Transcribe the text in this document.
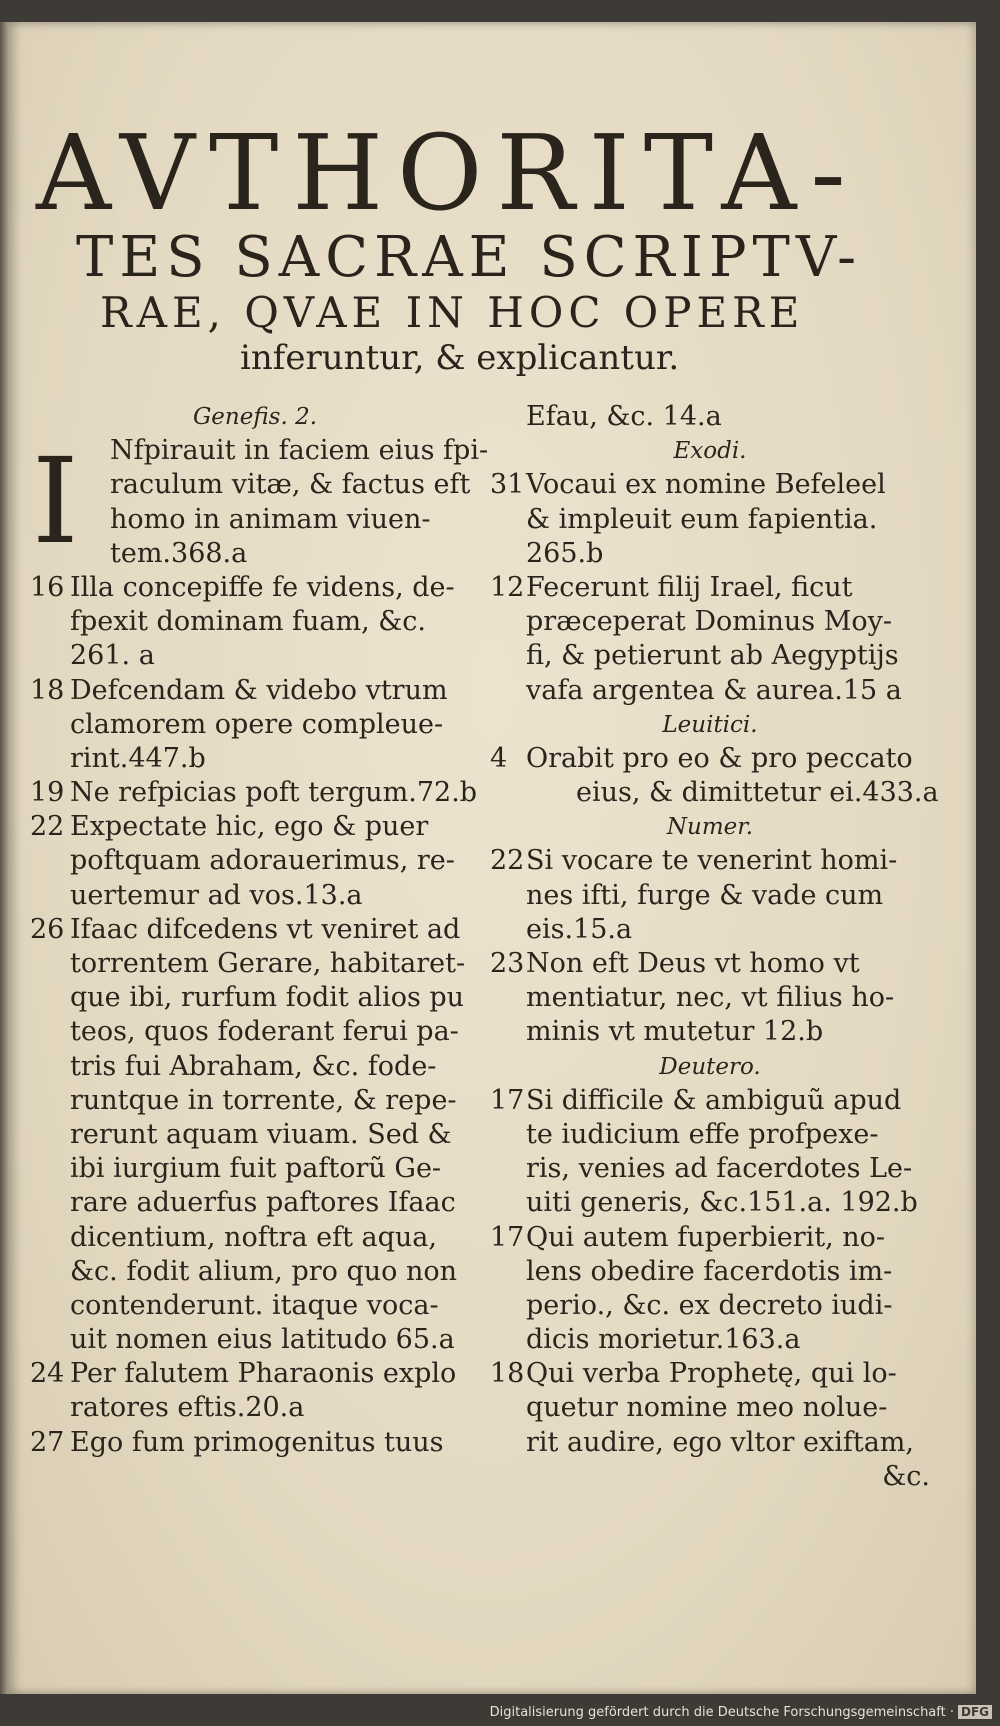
AVTHORITA-
TES SACRAE SCRIPTV-
RAE, QVAE IN HOC OPERE
inferuntur, & explicantur.
I
Genefis. 2.
Nfpirauit in faciem eius fpi-
raculum vitæ, & factus eft
homo in animam viuen-
tem.368.a
16 Illa concepiffe fe videns, de-
fpexit dominam fuam, &c.
261. a
18 Defcendam & videbo vtrum
clamorem opere compleue-
rint.447.b
19 Ne refpicias poft tergum.72.b
22 Expectate hic, ego & puer
poftquam adorauerimus, re-
uertemur ad vos.13.a
26 Ifaac difcedens vt veniret ad
torrentem Gerare, habitaret-
que ibi, rurfum fodit alios pu
teos, quos foderant ferui pa-
tris fui Abraham, &c. fode-
runtque in torrente, & repe-
rerunt aquam viuam. Sed &
ibi iurgium fuit paftorũ Ge-
rare aduerfus paftores Ifaac
dicentium, noftra eft aqua,
&c. fodit alium, pro quo non
contenderunt. itaque voca-
uit nomen eius latitudo 65.a
24 Per falutem Pharaonis explo
ratores eftis.20.a
27 Ego fum primogenitus tuus
Efau, &c. 14.a
Exodi.
31 Vocaui ex nomine Befeleel
& impleuit eum fapientia.
265.b
12 Fecerunt filij Irael, ficut
præceperat Dominus Moy-
fi, & petierunt ab Aegyptijs
vafa argentea & aurea.15 a
Leuitici.
4 Orabit pro eo & pro peccato
eius, & dimittetur ei.433.a
Numer.
22 Si vocare te venerint homi-
nes ifti, furge & vade cum
eis.15.a
23 Non eft Deus vt homo vt
mentiatur, nec, vt filius ho-
minis vt mutetur 12.b
Deutero.
17 Si difficile & ambiguũ apud
te iudicium effe profpexe-
ris, venies ad facerdotes Le-
uiti generis, &c.151.a. 192.b
17 Qui autem fuperbierit, no-
lens obedire facerdotis im-
perio., &c. ex decreto iudi-
dicis morietur.163.a
18 Qui verba Prophetę, qui lo-
quetur nomine meo noluе-
rit audire, ego vltor exiftam,
&c.
Digitalisierung gefördert durch die Deutsche Forschungsgemeinschaft · DFG
